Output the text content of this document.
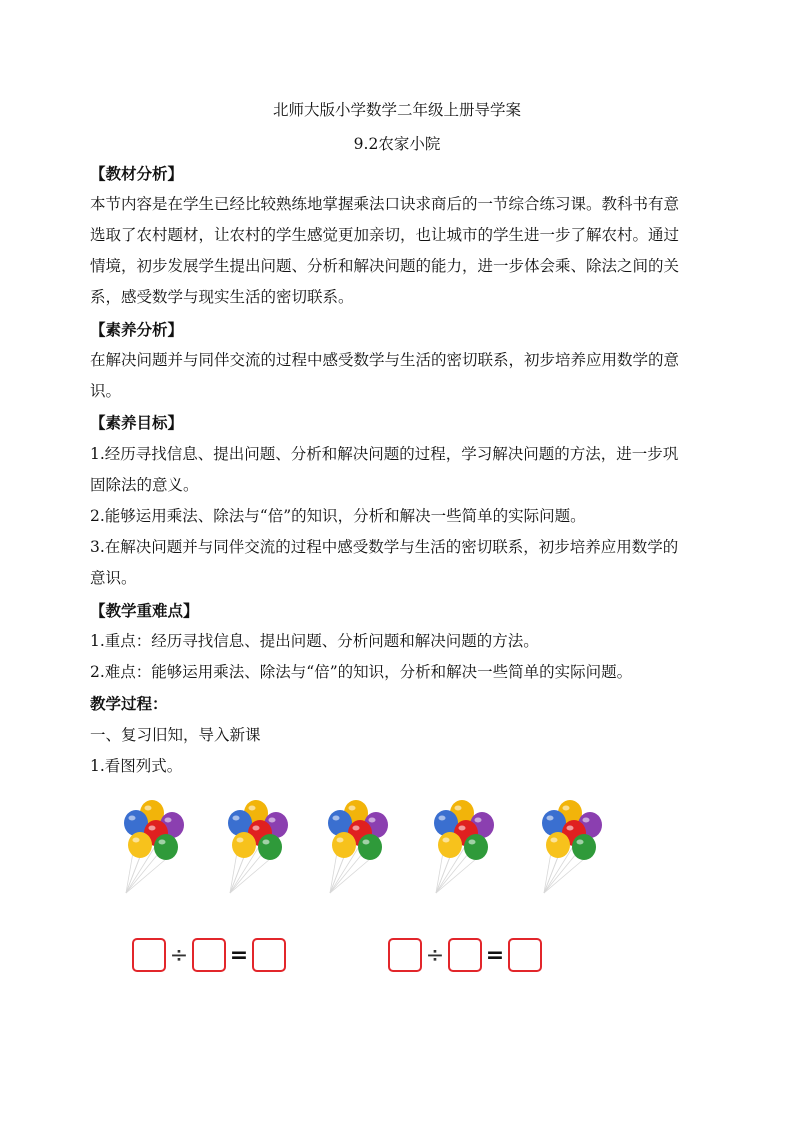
北师大版小学数学二年级上册导学案
9.2农家小院
【教材分析】
本节内容是在学生已经比较熟练地掌握乘法口诀求商后的一节综合练习课。教科书有意
选取了农村题材，让农村的学生感觉更加亲切，也让城市的学生进一步了解农村。通过
情境，初步发展学生提出问题、分析和解决问题的能力，进一步体会乘、除法之间的关
系，感受数学与现实生活的密切联系。
【素养分析】
在解决问题并与同伴交流的过程中感受数学与生活的密切联系，初步培养应用数学的意
识。
【素养目标】
1.经历寻找信息、提出问题、分析和解决问题的过程，学习解决问题的方法，进一步巩
固除法的意义。
2.能够运用乘法、除法与“倍”的知识，分析和解决一些简单的实际问题。
3.在解决问题并与同伴交流的过程中感受数学与生活的密切联系，初步培养应用数学的
意识。
【教学重难点】
1.重点：经历寻找信息、提出问题、分析问题和解决问题的方法。
2.难点：能够运用乘法、除法与“倍”的知识，分析和解决一些简单的实际问题。
教学过程：
一、复习旧知，导入新课
1.看图列式。
÷ =	÷ =
